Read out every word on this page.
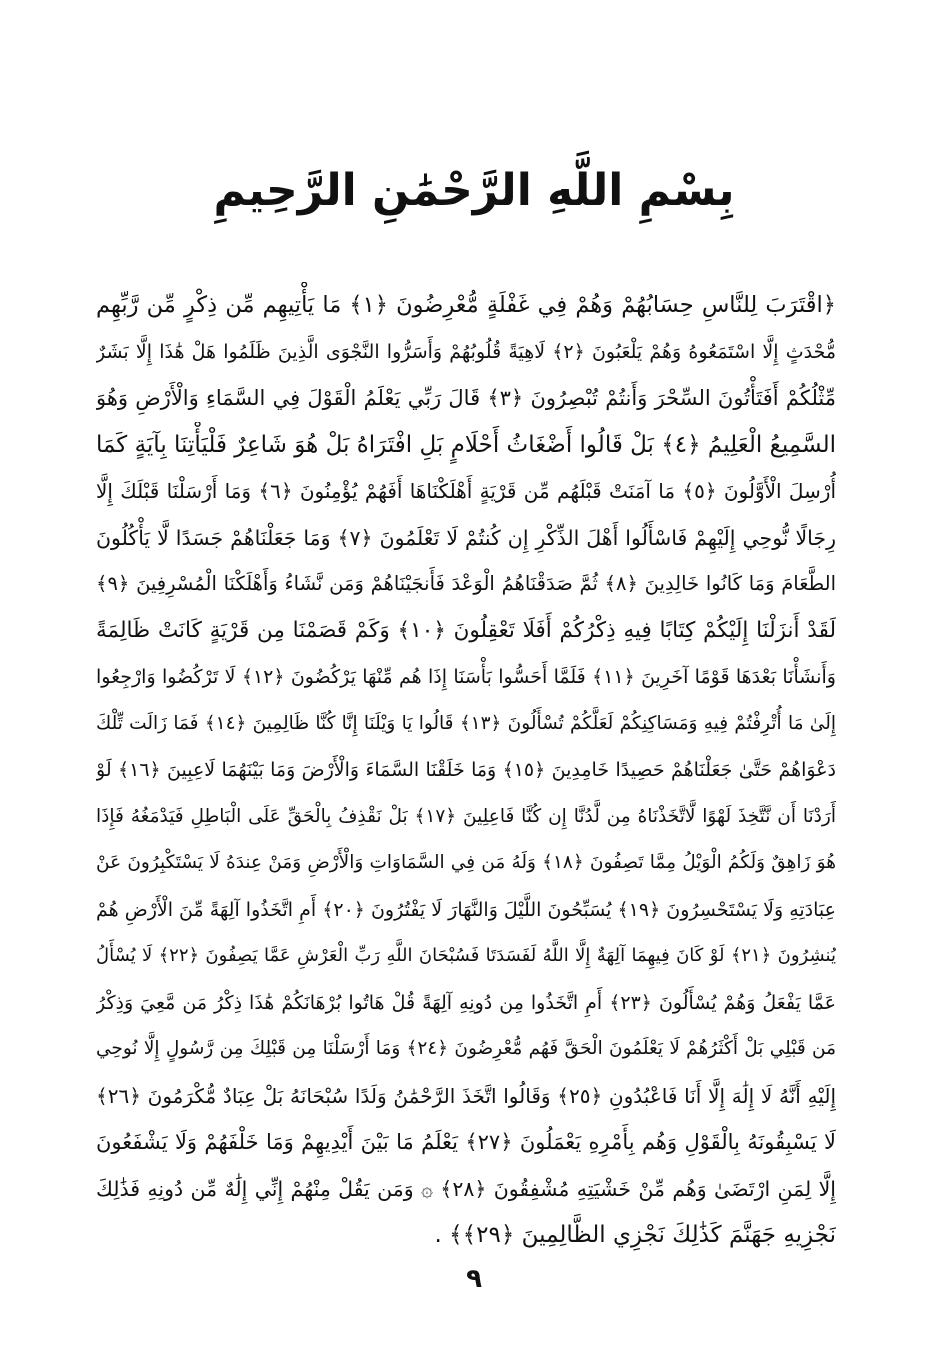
بِسْمِ اللَّهِ الرَّحْمَٰنِ الرَّحِيمِ
﴿اقْتَرَبَ لِلنَّاسِ حِسَابُهُمْ وَهُمْ فِي غَفْلَةٍ مُّعْرِضُونَ ﴿١﴾ مَا يَأْتِيهِم مِّن ذِكْرٍ مِّن رَّبِّهِم
مُّحْدَثٍ إِلَّا اسْتَمَعُوهُ وَهُمْ يَلْعَبُونَ ﴿٢﴾ لَاهِيَةً قُلُوبُهُمْ وَأَسَرُّوا النَّجْوَى الَّذِينَ ظَلَمُوا هَلْ هَٰذَا إِلَّا بَشَرٌ
مِّثْلُكُمْ أَفَتَأْتُونَ السِّحْرَ وَأَنتُمْ تُبْصِرُونَ ﴿٣﴾ قَالَ رَبِّي يَعْلَمُ الْقَوْلَ فِي السَّمَاءِ وَالْأَرْضِ وَهُوَ
السَّمِيعُ الْعَلِيمُ ﴿٤﴾ بَلْ قَالُوا أَضْغَاثُ أَحْلَامٍ بَلِ افْتَرَاهُ بَلْ هُوَ شَاعِرٌ فَلْيَأْتِنَا بِآيَةٍ كَمَا
أُرْسِلَ الْأَوَّلُونَ ﴿٥﴾ مَا آمَنَتْ قَبْلَهُم مِّن قَرْيَةٍ أَهْلَكْنَاهَا أَفَهُمْ يُؤْمِنُونَ ﴿٦﴾ وَمَا أَرْسَلْنَا قَبْلَكَ إِلَّا
رِجَالًا نُّوحِي إِلَيْهِمْ فَاسْأَلُوا أَهْلَ الذِّكْرِ إِن كُنتُمْ لَا تَعْلَمُونَ ﴿٧﴾ وَمَا جَعَلْنَاهُمْ جَسَدًا لَّا يَأْكُلُونَ
الطَّعَامَ وَمَا كَانُوا خَالِدِينَ ﴿٨﴾ ثُمَّ صَدَقْنَاهُمُ الْوَعْدَ فَأَنجَيْنَاهُمْ وَمَن نَّشَاءُ وَأَهْلَكْنَا الْمُسْرِفِينَ ﴿٩﴾
لَقَدْ أَنزَلْنَا إِلَيْكُمْ كِتَابًا فِيهِ ذِكْرُكُمْ أَفَلَا تَعْقِلُونَ ﴿١٠﴾ وَكَمْ قَصَمْنَا مِن قَرْيَةٍ كَانَتْ ظَالِمَةً
وَأَنشَأْنَا بَعْدَهَا قَوْمًا آخَرِينَ ﴿١١﴾ فَلَمَّا أَحَسُّوا بَأْسَنَا إِذَا هُم مِّنْهَا يَرْكُضُونَ ﴿١٢﴾ لَا تَرْكُضُوا وَارْجِعُوا
إِلَىٰ مَا أُتْرِفْتُمْ فِيهِ وَمَسَاكِنِكُمْ لَعَلَّكُمْ تُسْأَلُونَ ﴿١٣﴾ قَالُوا يَا وَيْلَنَا إِنَّا كُنَّا ظَالِمِينَ ﴿١٤﴾ فَمَا زَالَت تِّلْكَ
دَعْوَاهُمْ حَتَّىٰ جَعَلْنَاهُمْ حَصِيدًا خَامِدِينَ ﴿١٥﴾ وَمَا خَلَقْنَا السَّمَاءَ وَالْأَرْضَ وَمَا بَيْنَهُمَا لَاعِبِينَ ﴿١٦﴾ لَوْ
أَرَدْنَا أَن نَّتَّخِذَ لَهْوًا لَّاتَّخَذْنَاهُ مِن لَّدُنَّا إِن كُنَّا فَاعِلِينَ ﴿١٧﴾ بَلْ نَقْذِفُ بِالْحَقِّ عَلَى الْبَاطِلِ فَيَدْمَغُهُ فَإِذَا
هُوَ زَاهِقٌ وَلَكُمُ الْوَيْلُ مِمَّا تَصِفُونَ ﴿١٨﴾ وَلَهُ مَن فِي السَّمَاوَاتِ وَالْأَرْضِ وَمَنْ عِندَهُ لَا يَسْتَكْبِرُونَ عَنْ
عِبَادَتِهِ وَلَا يَسْتَحْسِرُونَ ﴿١٩﴾ يُسَبِّحُونَ اللَّيْلَ وَالنَّهَارَ لَا يَفْتُرُونَ ﴿٢٠﴾ أَمِ اتَّخَذُوا آلِهَةً مِّنَ الْأَرْضِ هُمْ
يُنشِرُونَ ﴿٢١﴾ لَوْ كَانَ فِيهِمَا آلِهَةٌ إِلَّا اللَّهُ لَفَسَدَتَا فَسُبْحَانَ اللَّهِ رَبِّ الْعَرْشِ عَمَّا يَصِفُونَ ﴿٢٢﴾ لَا يُسْأَلُ
عَمَّا يَفْعَلُ وَهُمْ يُسْأَلُونَ ﴿٢٣﴾ أَمِ اتَّخَذُوا مِن دُونِهِ آلِهَةً قُلْ هَاتُوا بُرْهَانَكُمْ هَٰذَا ذِكْرُ مَن مَّعِيَ وَذِكْرُ
مَن قَبْلِي بَلْ أَكْثَرُهُمْ لَا يَعْلَمُونَ الْحَقَّ فَهُم مُّعْرِضُونَ ﴿٢٤﴾ وَمَا أَرْسَلْنَا مِن قَبْلِكَ مِن رَّسُولٍ إِلَّا نُوحِي
إِلَيْهِ أَنَّهُ لَا إِلَٰهَ إِلَّا أَنَا فَاعْبُدُونِ ﴿٢٥﴾ وَقَالُوا اتَّخَذَ الرَّحْمَٰنُ وَلَدًا سُبْحَانَهُ بَلْ عِبَادٌ مُّكْرَمُونَ ﴿٢٦﴾
لَا يَسْبِقُونَهُ بِالْقَوْلِ وَهُم بِأَمْرِهِ يَعْمَلُونَ ﴿٢٧﴾ يَعْلَمُ مَا بَيْنَ أَيْدِيهِمْ وَمَا خَلْفَهُمْ وَلَا يَشْفَعُونَ
إِلَّا لِمَنِ ارْتَضَىٰ وَهُم مِّنْ خَشْيَتِهِ مُشْفِقُونَ ﴿٢٨﴾ ۞ وَمَن يَقُلْ مِنْهُمْ إِنِّي إِلَٰهٌ مِّن دُونِهِ فَذَٰلِكَ
نَجْزِيهِ جَهَنَّمَ كَذَٰلِكَ نَجْزِي الظَّالِمِينَ ﴿٢٩﴾﴾ .
٩
